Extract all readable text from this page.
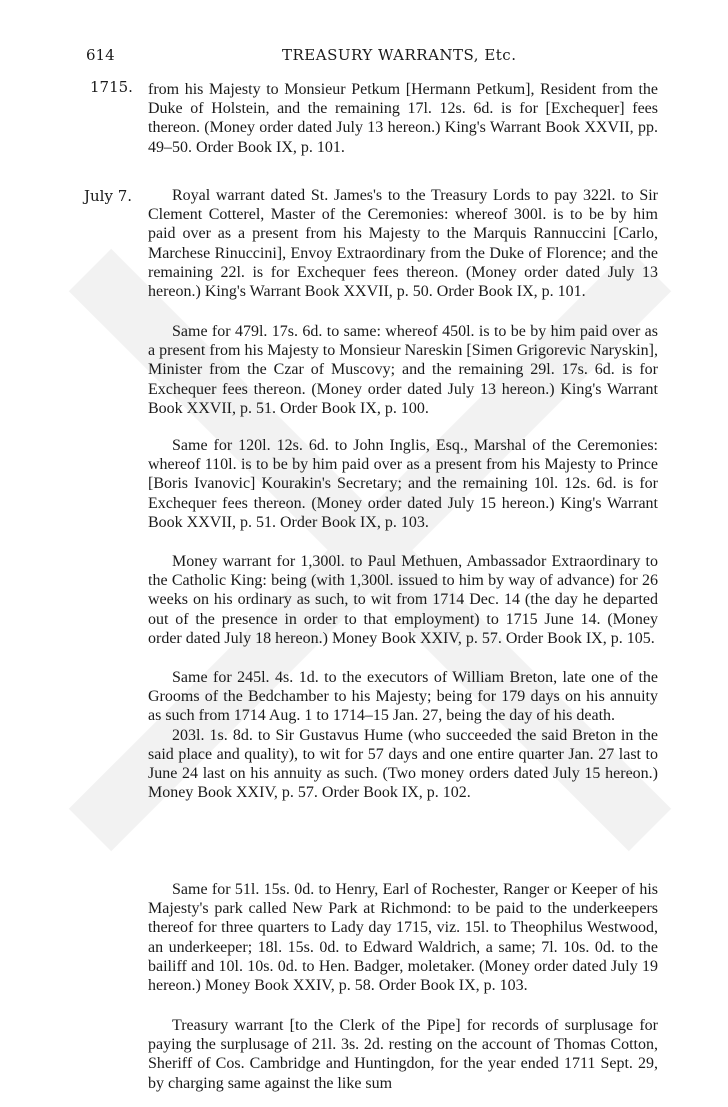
614	TREASURY WARRANTS, Etc.
1715.
July 7.

from his Majesty to Monsieur Petkum [Hermann Petkum], Resident from the Duke of Holstein, and the remaining 17l. 12s. 6d. is for [Exchequer] fees thereon. (Money order dated July 13 hereon.) King's Warrant Book XXVII, pp. 49–50. Order Book IX, p. 101.

Royal warrant dated St. James's to the Treasury Lords to pay 322l. to Sir Clement Cotterel, Master of the Ceremonies: whereof 300l. is to be by him paid over as a present from his Majesty to the Marquis Rannuccini [Carlo, Marchese Rinuccini], Envoy Extraordinary from the Duke of Florence; and the remaining 22l. is for Exchequer fees thereon. (Money order dated July 13 hereon.) King's Warrant Book XXVII, p. 50. Order Book IX, p. 101.

Same for 479l. 17s. 6d. to same: whereof 450l. is to be by him paid over as a present from his Majesty to Monsieur Nareskin [Simen Grigorevic Naryskin], Minister from the Czar of Muscovy; and the remaining 29l. 17s. 6d. is for Exchequer fees thereon. (Money order dated July 13 hereon.) King's Warrant Book XXVII, p. 51. Order Book IX, p. 100.

Same for 120l. 12s. 6d. to John Inglis, Esq., Marshal of the Ceremonies: whereof 110l. is to be by him paid over as a present from his Majesty to Prince [Boris Ivanovic] Kourakin's Secretary; and the remaining 10l. 12s. 6d. is for Exchequer fees thereon. (Money order dated July 15 hereon.) King's Warrant Book XXVII, p. 51. Order Book IX, p. 103.

Money warrant for 1,300l. to Paul Methuen, Ambassador Extraordinary to the Catholic King: being (with 1,300l. issued to him by way of advance) for 26 weeks on his ordinary as such, to wit from 1714 Dec. 14 (the day he departed out of the presence in order to that employment) to 1715 June 14. (Money order dated July 18 hereon.) Money Book XXIV, p. 57. Order Book IX, p. 105.

Same for 245l. 4s. 1d. to the executors of William Breton, late one of the Grooms of the Bedchamber to his Majesty; being for 179 days on his annuity as such from 1714 Aug. 1 to 1714–15 Jan. 27, being the day of his death.

203l. 1s. 8d. to Sir Gustavus Hume (who succeeded the said Breton in the said place and quality), to wit for 57 days and one entire quarter Jan. 27 last to June 24 last on his annuity as such. (Two money orders dated July 15 hereon.) Money Book XXIV, p. 57. Order Book IX, p. 102.

Same for 51l. 15s. 0d. to Henry, Earl of Rochester, Ranger or Keeper of his Majesty's park called New Park at Richmond: to be paid to the underkeepers thereof for three quarters to Lady day 1715, viz. 15l. to Theophilus Westwood, an underkeeper; 18l. 15s. 0d. to Edward Waldrich, a same; 7l. 10s. 0d. to the bailiff and 10l. 10s. 0d. to Hen. Badger, moletaker. (Money order dated July 19 hereon.) Money Book XXIV, p. 58. Order Book IX, p. 103.

Treasury warrant [to the Clerk of the Pipe] for records of surplusage for paying the surplusage of 21l. 3s. 2d. resting on the account of Thomas Cotton, Sheriff of Cos. Cambridge and Huntingdon, for the year ended 1711 Sept. 29, by charging same against the like sum
